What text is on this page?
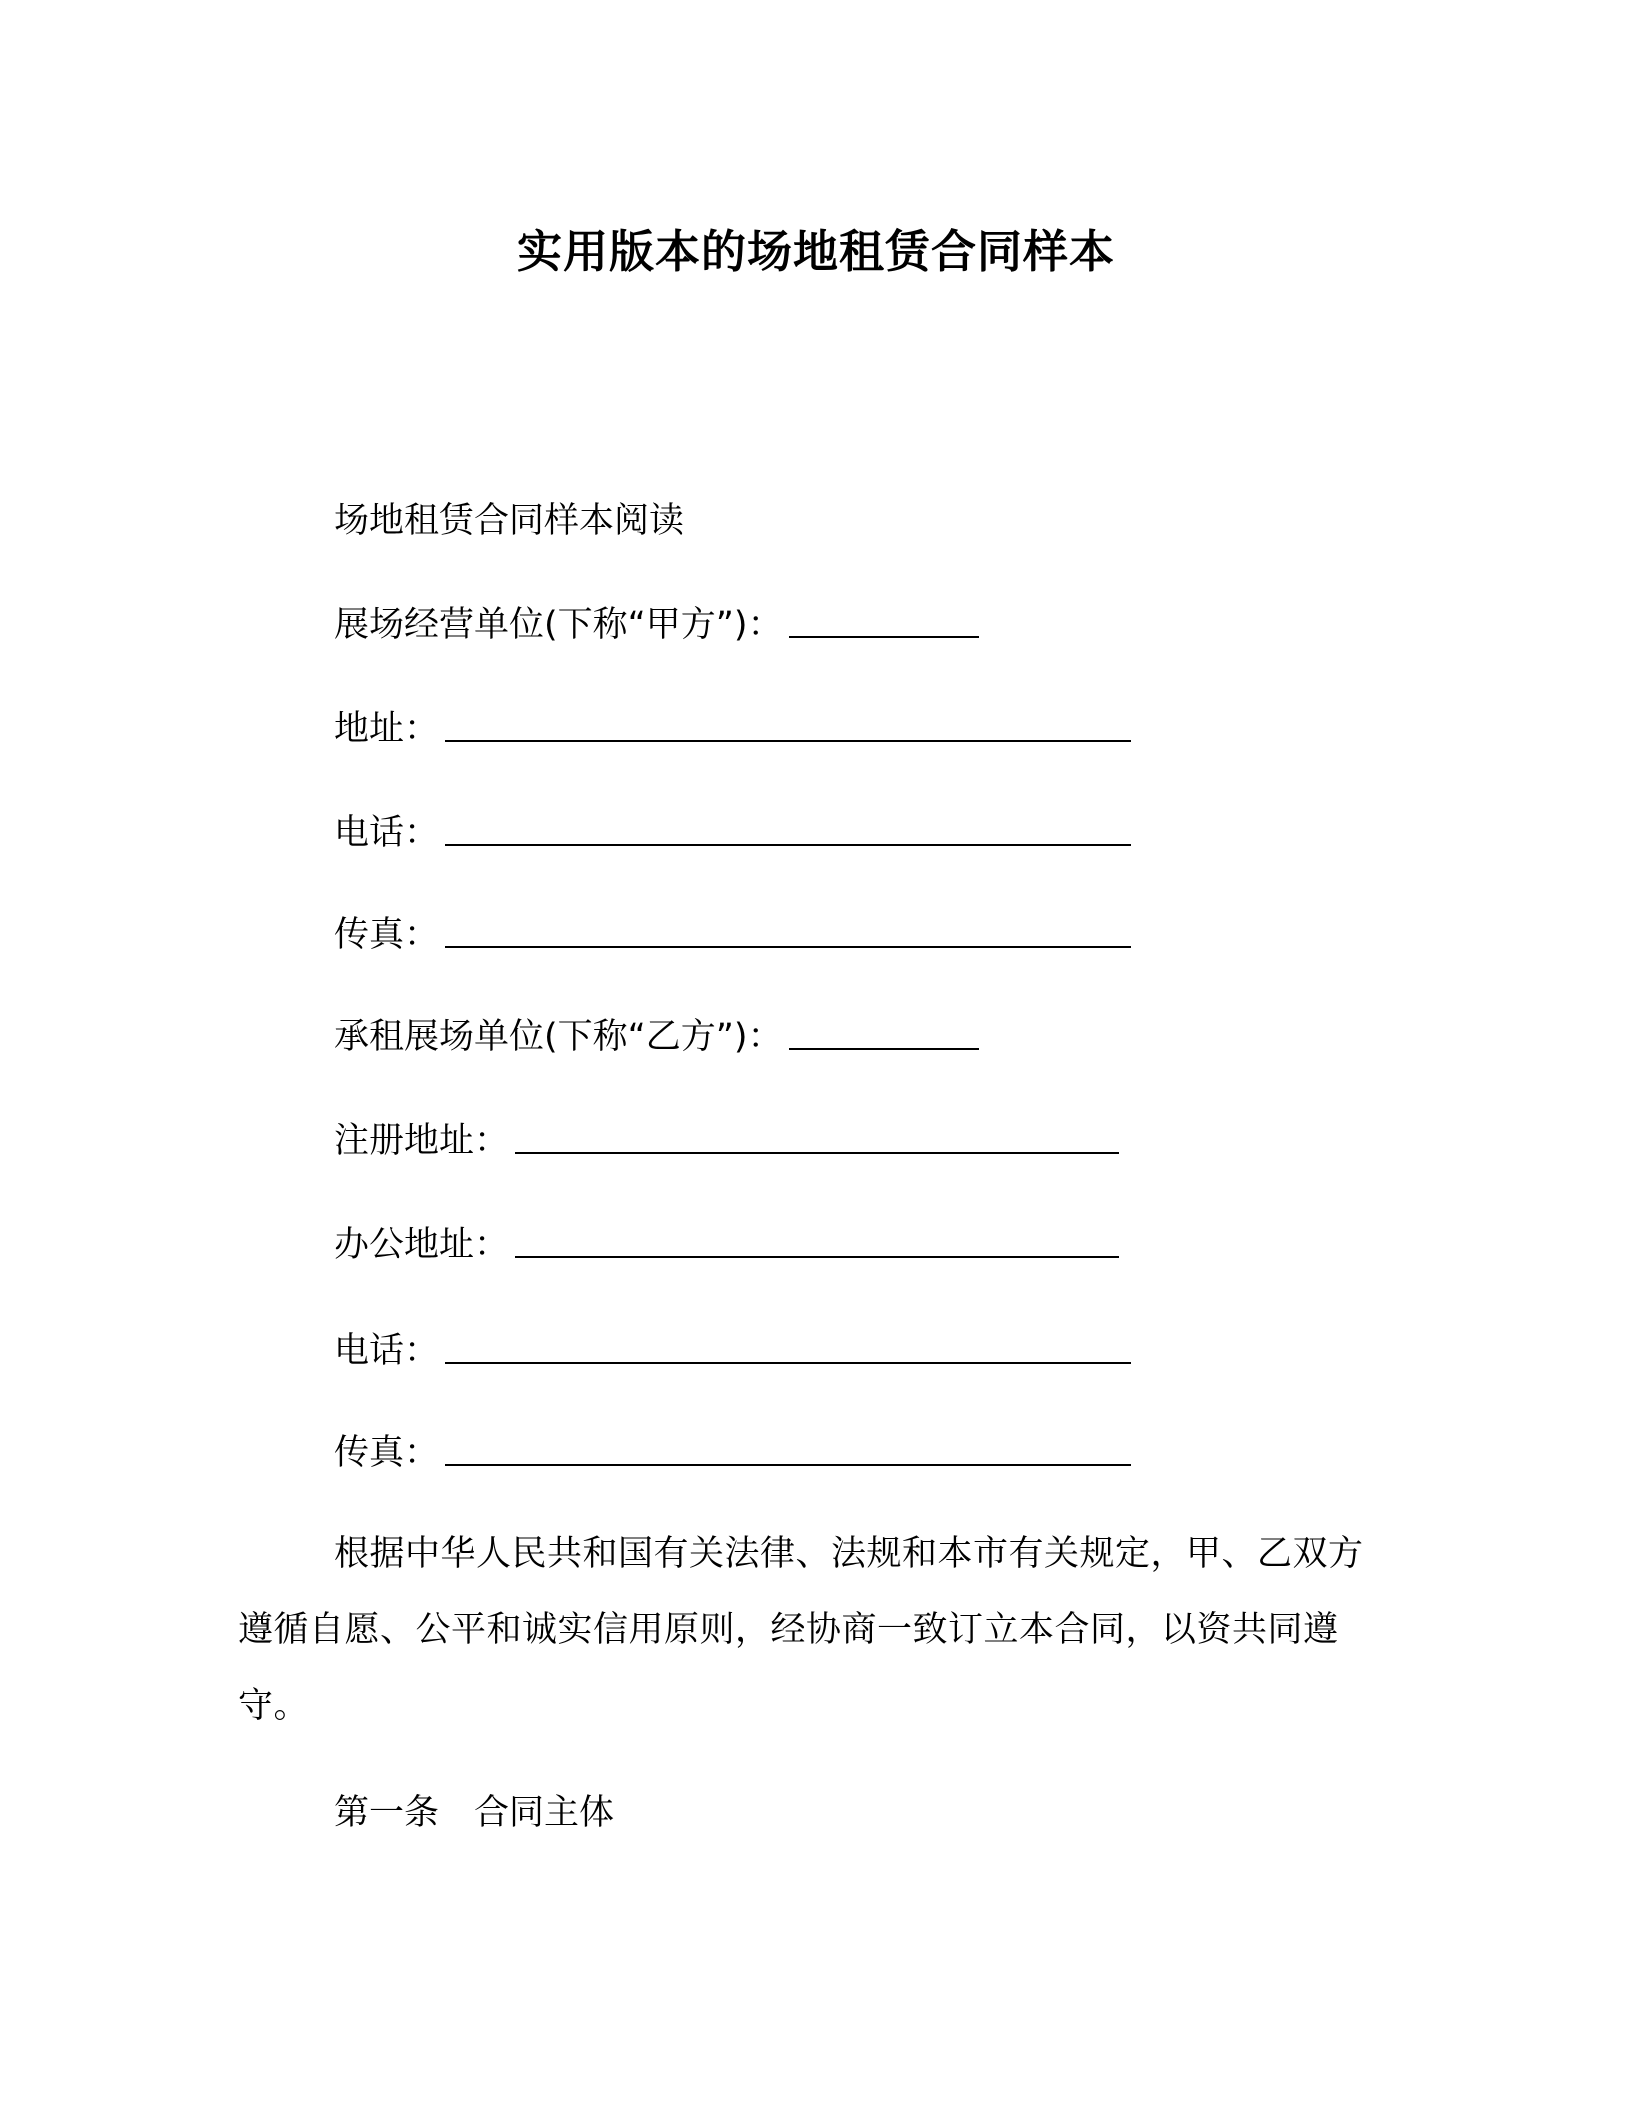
实用版本的场地租赁合同样本
场地租赁合同样本阅读
展场经营单位(下称“甲方”)：
地址：
电话：
传真：
承租展场单位(下称“乙方”)：
注册地址：
办公地址：
电话：
传真：
根据中华人民共和国有关法律、法规和本市有关规定，甲、乙双方遵循自愿、公平和诚实信用原则，经协商一致订立本合同，以资共同遵守。
第一条　合同主体
